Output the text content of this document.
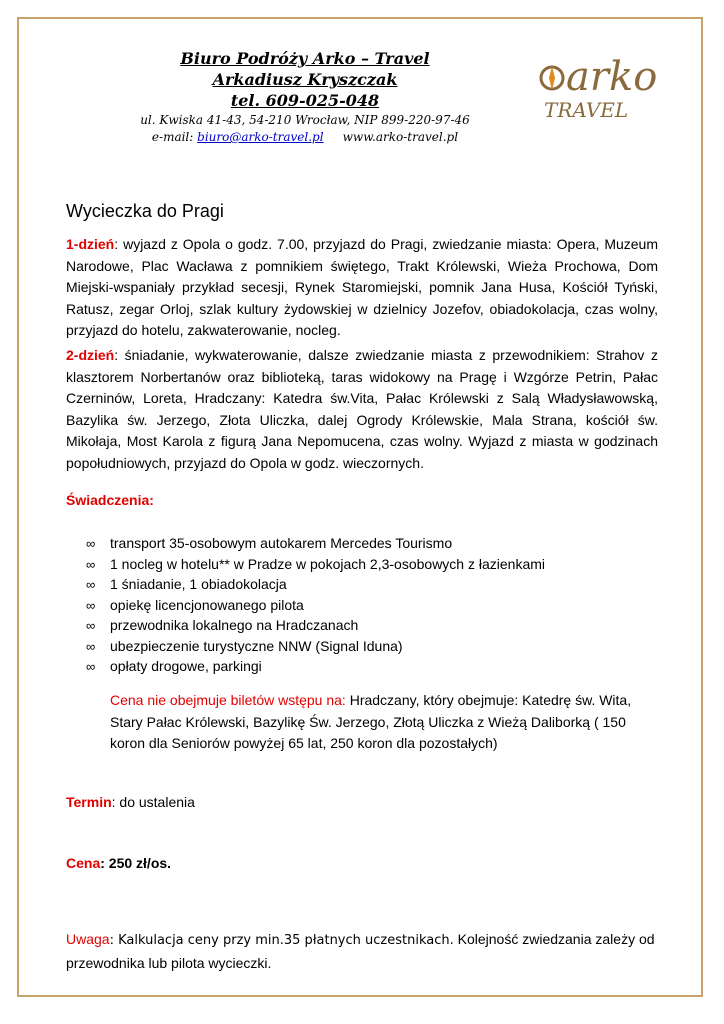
Biuro Podróży Arko – Travel
Arkadiusz Kryszczak
tel. 609-025-048
ul. Kwiska 41-43, 54-210 Wrocław, NIP 899-220-97-46
e-mail: biuro@arko-travel.pl www.arko-travel.pl
arko
TRAVEL
Wycieczka do Pragi
1-dzień: wyjazd z Opola o godz. 7.00, przyjazd do Pragi, zwiedzanie miasta: Opera, Muzeum Narodowe, Plac Wacława z pomnikiem świętego, Trakt Królewski, Wieża Prochowa, Dom Miejski-wspaniały przykład secesji, Rynek Staromiejski, pomnik Jana Husa, Kościół Tyński, Ratusz, zegar Orloj, szlak kultury żydowskiej w dzielnicy Jozefov, obiadokolacja, czas wolny, przyjazd do hotelu, zakwaterowanie, nocleg.
2-dzień: śniadanie, wykwaterowanie, dalsze zwiedzanie miasta z przewodnikiem: Strahov z klasztorem Norbertanów oraz biblioteką, taras widokowy na Pragę i Wzgórze Petrin, Pałac Czerninów, Loreta, Hradczany: Katedra św.Vita, Pałac Królewski z Salą Władysławowską, Bazylika św. Jerzego, Złota Uliczka, dalej Ogrody Królewskie, Mala Strana, kościół św. Mikołaja, Most Karola z figurą Jana Nepomucena, czas wolny. Wyjazd z miasta w godzinach popołudniowych, przyjazd do Opola w godz. wieczornych.
Świadczenia:
∞ transport 35-osobowym autokarem Mercedes Tourismo
∞ 1 nocleg w hotelu** w Pradze w pokojach 2,3-osobowych z łazienkami
∞ 1 śniadanie, 1 obiadokolacja
∞ opiekę licencjonowanego pilota
∞ przewodnika lokalnego na Hradczanach
∞ ubezpieczenie turystyczne NNW (Signal Iduna)
∞ opłaty drogowe, parkingi
Cena nie obejmuje biletów wstępu na: Hradczany, który obejmuje: Katedrę św. Wita, Stary Pałac Królewski, Bazylikę Św. Jerzego, Złotą Uliczka z Wieżą Daliborką ( 150 koron dla Seniorów powyżej 65 lat, 250 koron dla pozostałych)
Termin: do ustalenia
Cena: 250 zł/os.
Uwaga: Kalkulacja ceny przy min.35 płatnych uczestnikach. Kolejność zwiedzania zależy od przewodnika lub pilota wycieczki.
